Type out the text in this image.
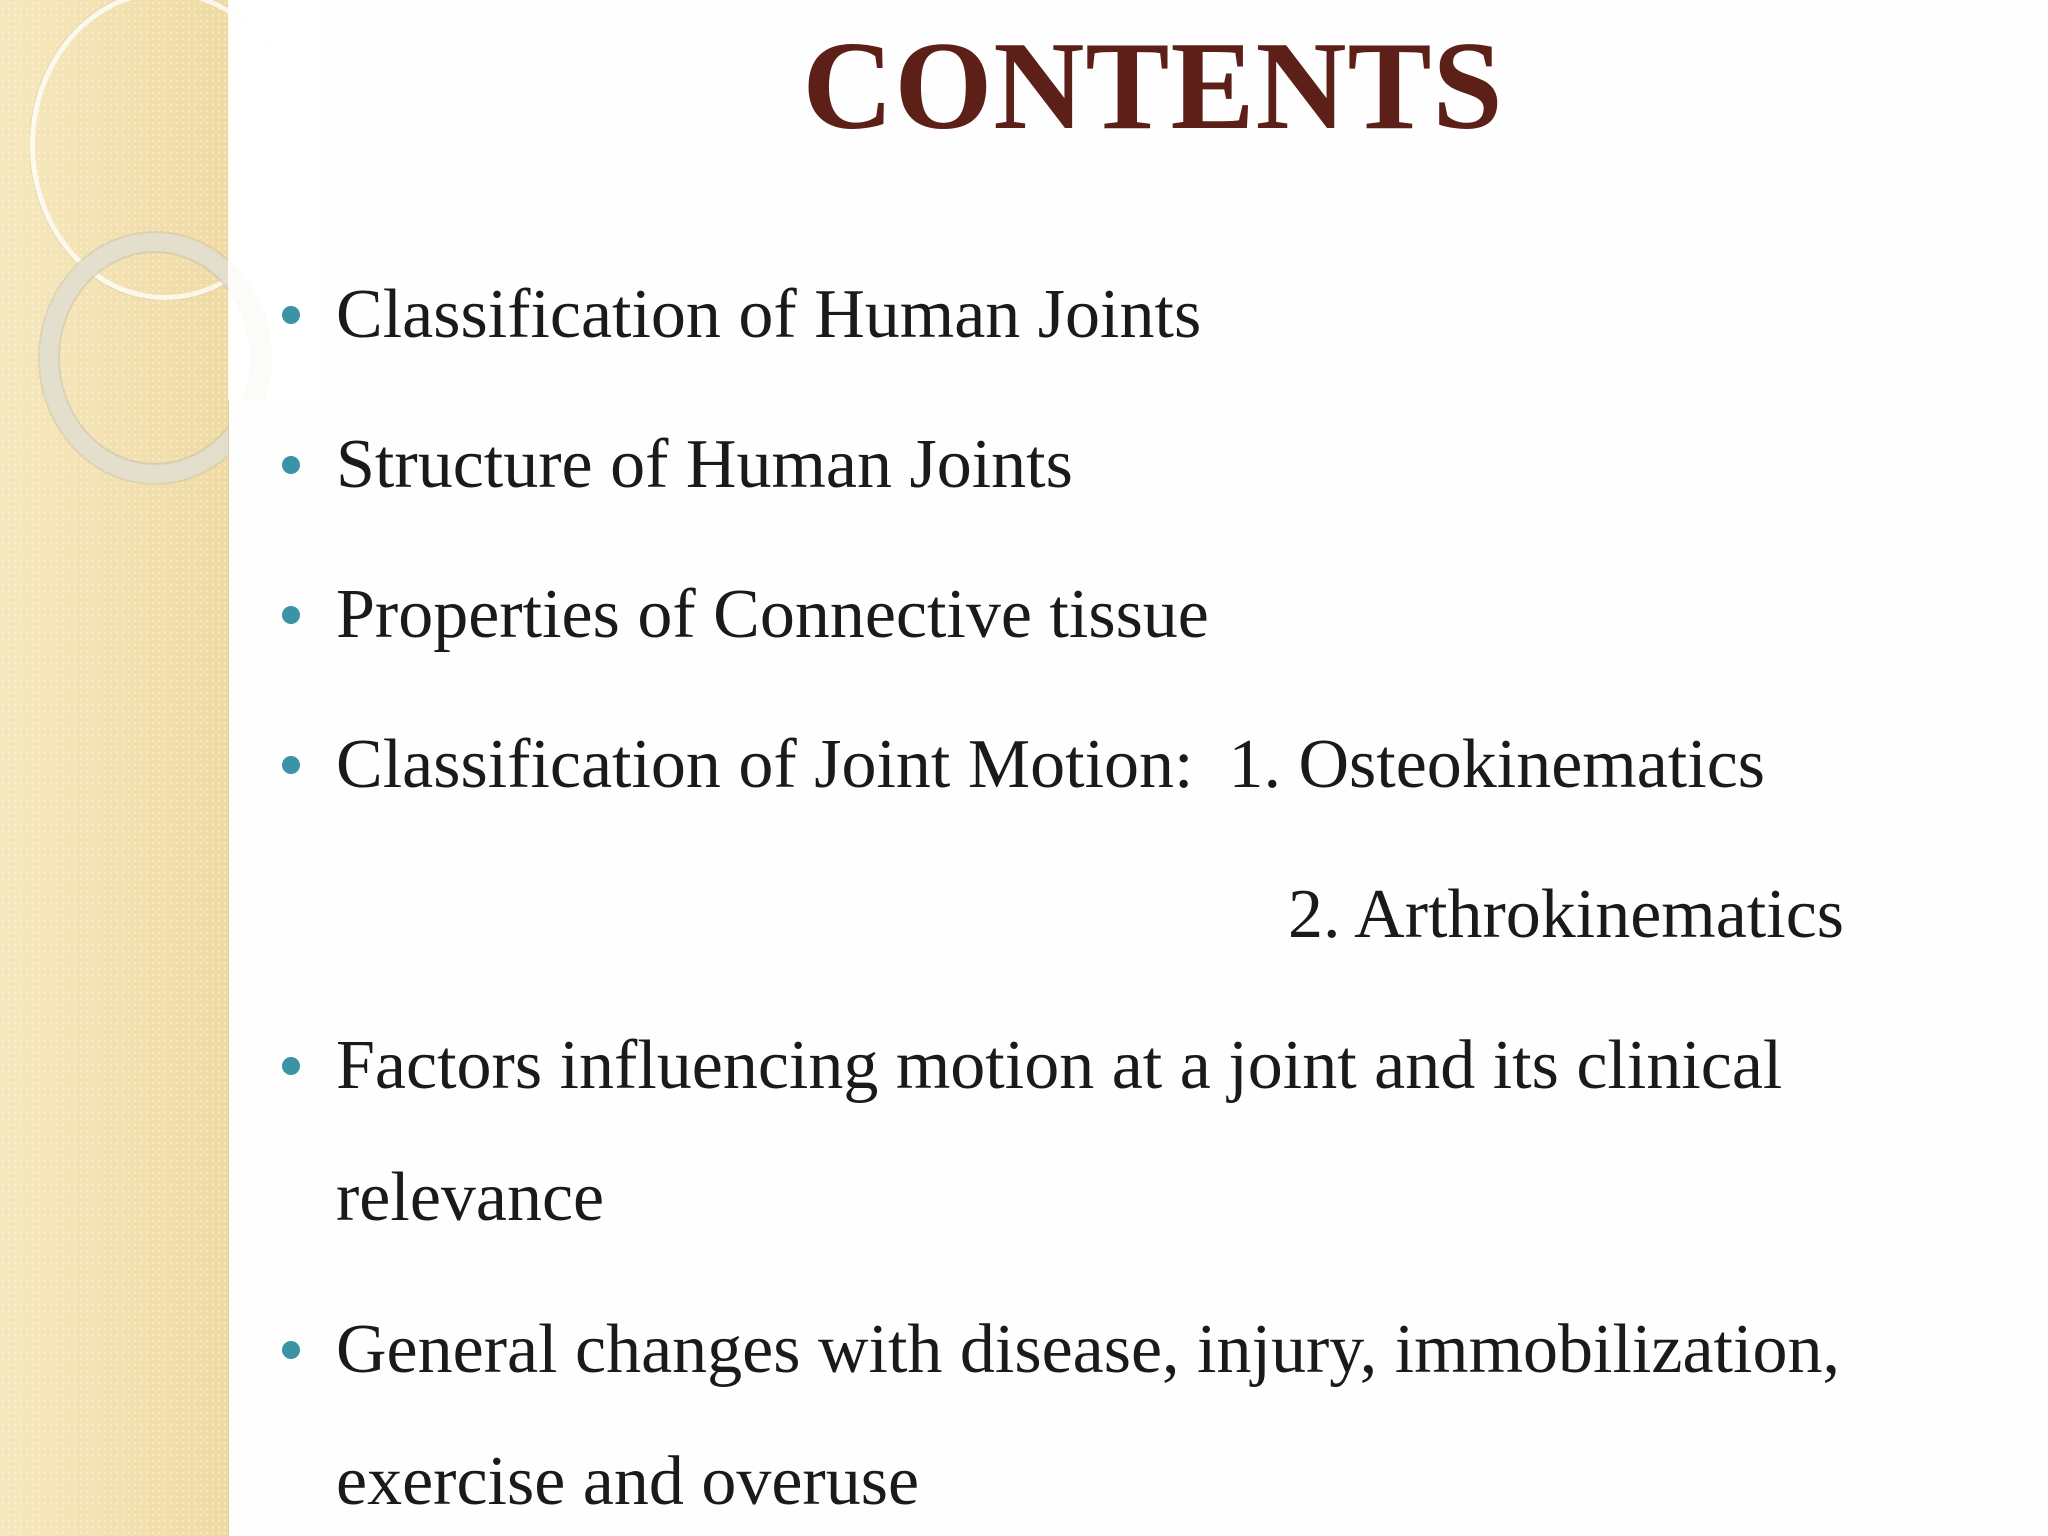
CONTENTS
Classification of Human Joints
Structure of Human Joints
Properties of Connective tissue
Classification of Joint Motion:  1. Osteokinematics
2. Arthrokinematics
Factors influencing motion at a joint and its clinical relevance
General changes with disease, injury, immobilization, exercise and overuse
